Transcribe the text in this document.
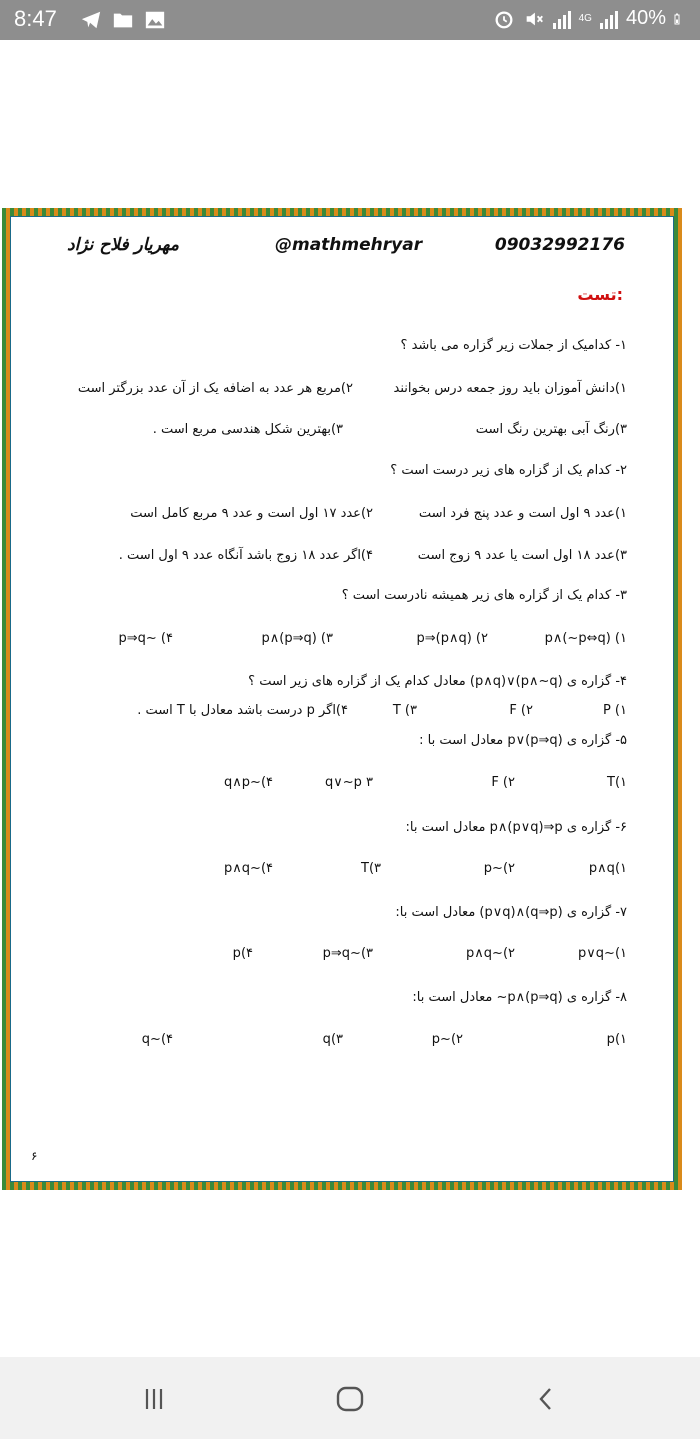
8:47	4G 40%
09032992176
@mathmehryar
مهریار فلاح نژاد
تست:
۱- کدامیک از جملات زیر گزاره می باشد ؟
۱)دانش آموزان باید روز جمعه درس بخوانند
۲)مربع هر عدد به اضافه یک از آن عدد بزرگتر است
۳)رنگ آبی بهترین رنگ است
۳)بهترین شکل هندسی مربع است .
۲- کدام یک از گزاره های زیر درست است ؟
۱)عدد ۹ اول است و عدد پنج فرد است
۲)عدد ۱۷ اول است و عدد ۹ مربع کامل است
۳)عدد ۱۸ اول است یا عدد ۹ زوج است
۴)اگر عدد ۱۸ زوج باشد آنگاه عدد ۹ اول است .
۳- کدام یک از گزاره های زیر همیشه نادرست است ؟
۱) p∧(~p⇔q)
۲) p⇒(p∧q)
۳) p∧(p⇒q)
۴) ~p⇒q
۴- گزاره ی (p∧~q)∨(p∧q) معادل کدام یک از گزاره های زیر است ؟
۱) P
۲) F
۳) T
۴)اگر p درست باشد معادل با T است .
۵- گزاره ی (p⇒q)∨p معادل است با :
۱)T
۲) F
۳ q∨~p
۴)~q∧p
۶- گزاره ی p∧(p∨q)⇒p معادل است با:
۱)p∧q
۲)~p
۳)T
۴)~p∧q
۷- گزاره ی (q⇒p)∧(p∨q) معادل است با:
۱)~p∨q
۲)~p∧q
۳)~p⇒q
۴)p
۸- گزاره ی (p⇒q)∧p~ معادل است با:
۱)p
۲)~p
۳)q
۴)~q
۶
